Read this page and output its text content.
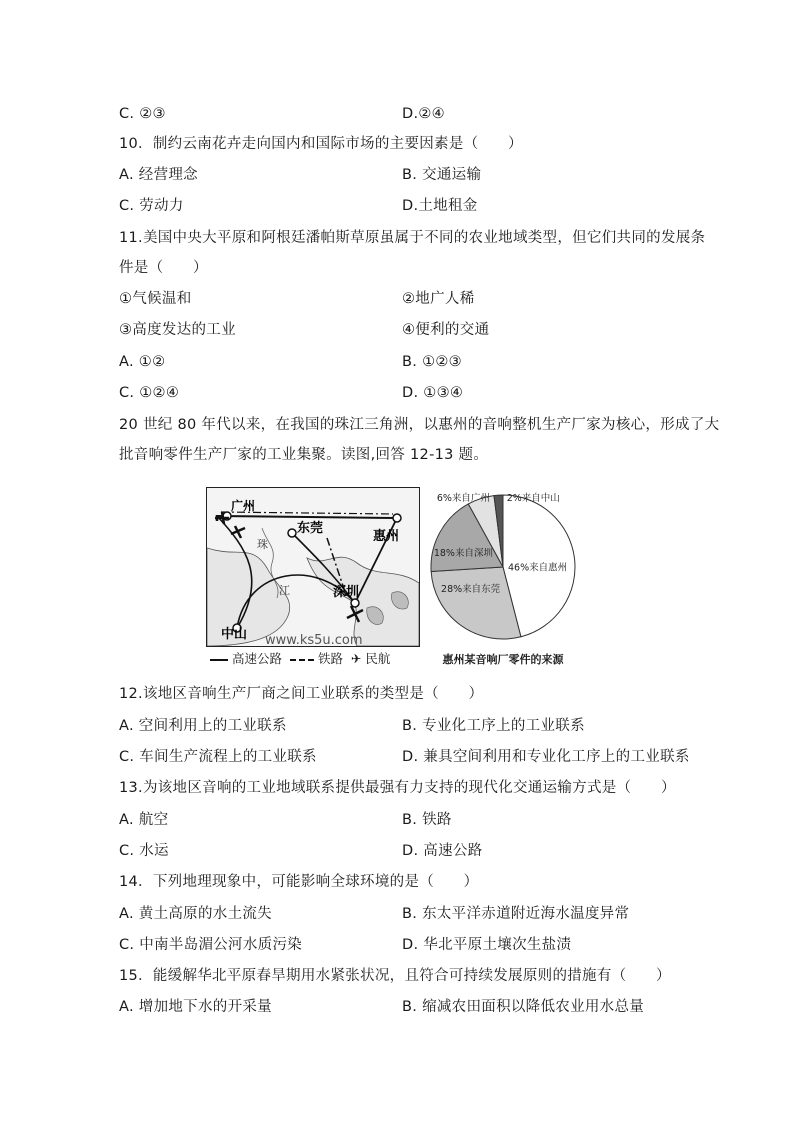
C. ②③	D.②④
10．制约云南花卉走向国内和国际市场的主要因素是（　　）
A. 经营理念	B. 交通运输
C. 劳动力	D.土地租金
11.美国中央大平原和阿根廷潘帕斯草原虽属于不同的农业地域类型，但它们共同的发展条
件是（　　）
①气候温和	②地广人稀
③高度发达的工业	④便利的交通
A. ①②	B. ①②③
C. ①②④	D. ①③④
20 世纪 80 年代以来，在我国的珠江三角洲，以惠州的音响整机生产厂家为核心，形成了大
批音响零件生产厂家的工业集聚。读图,回答 12-13 题。
广州
东莞
惠州
深圳
中山
珠
江
www.ks5u.com
高速公路	铁路 ✈ 民航
46%来自惠州
28%来自东莞
18%来自深圳
6%来自广州 2%来自中山
惠州某音响厂零件的来源
12.该地区音响生产厂商之间工业联系的类型是（　　）
A. 空间利用上的工业联系	B. 专业化工序上的工业联系
C. 车间生产流程上的工业联系	D. 兼具空间利用和专业化工序上的工业联系
13.为该地区音响的工业地域联系提供最强有力支持的现代化交通运输方式是（　　）
A. 航空	B. 铁路
C. 水运	D. 高速公路
14．下列地理现象中，可能影响全球环境的是（　　）
A. 黄土高原的水土流失	B. 东太平洋赤道附近海水温度异常
C. 中南半岛湄公河水质污染	D. 华北平原土壤次生盐渍
15．能缓解华北平原春旱期用水紧张状况，且符合可持续发展原则的措施有（　　）
A. 增加地下水的开采量	B. 缩减农田面积以降低农业用水总量
